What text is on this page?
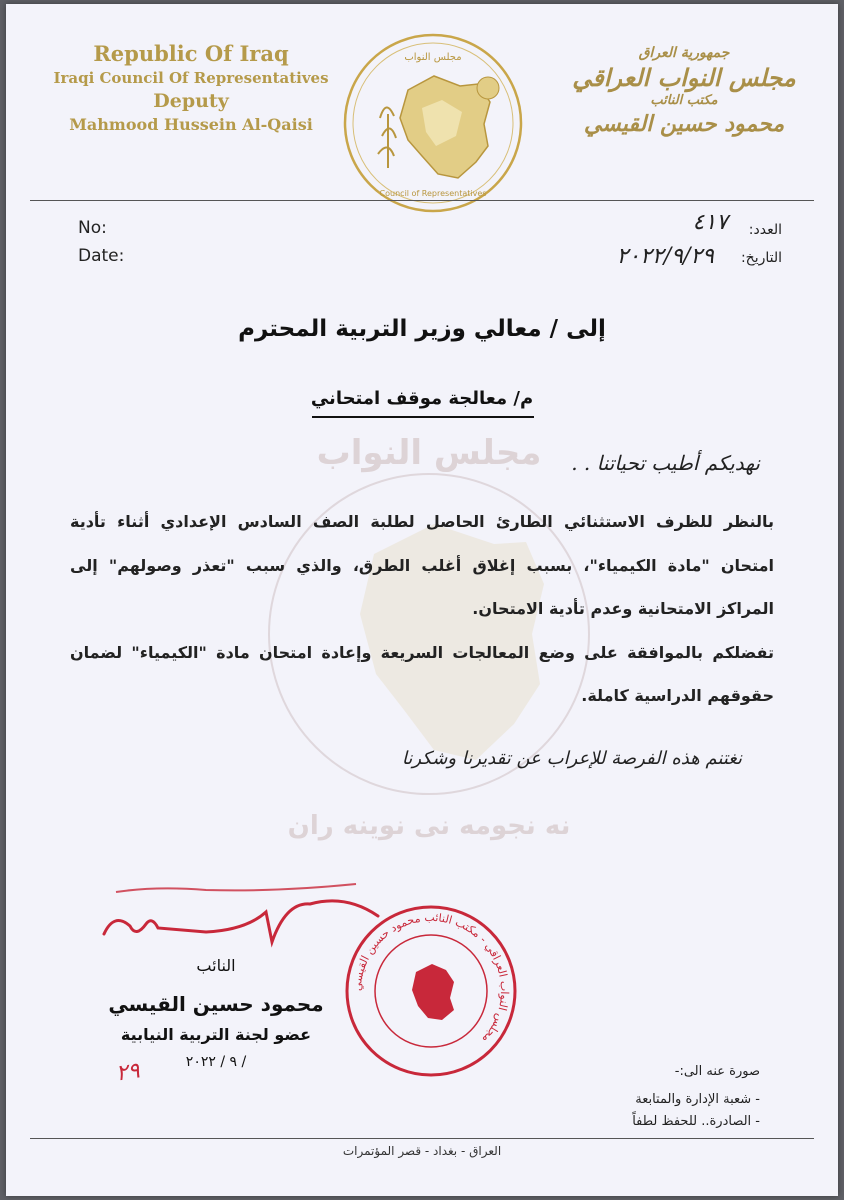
Republic Of Iraq
Iraqi Council Of Representatives
Deputy
Mahmood Hussein Al-Qaisi
مجلس النواب
Council of Representatives
جمهورية العراق
مجلس النواب العراقي
مكتب النائب
محمود حسين القيسي
No:
Date:
العدد:
التاريخ:
٤١٧
٢٠٢٢/٩/٢٩
مجلس النواب
نه نجومه نی نوینه ران
إلى / معالي وزير التربية المحترم
م/ معالجة موقف امتحاني
نهديكم أطيب تحياتنا . .

بالنظر للظرف الاستثنائي الطارئ الحاصل لطلبة الصف السادس الإعدادي أثناء تأدية امتحان "مادة الكيمياء"، بسبب إغلاق أغلب الطرق، والذي سبب "تعذر وصولهم" إلى المراكز الامتحانية وعدم تأدية الامتحان.

تفضلكم بالموافقة على وضع المعالجات السريعة وإعادة امتحان مادة "الكيمياء" لضمان حقوقهم الدراسية كاملة.

نغتنم هذه الفرصة للإعراب عن تقديرنا وشكرنا
مجلس النواب العراقي - مكتب النائب محمود حسين القيسي
النائب
محمود حسين القيسي
عضو لجنة التربية النيابية
/ ٩ / ٢٠٢٢
٢٩	صورة عنه الى:-
- شعبة الإدارة والمتابعة
- الصادرة.. للحفظ لطفاً
العراق - بغداد - قصر المؤتمرات
